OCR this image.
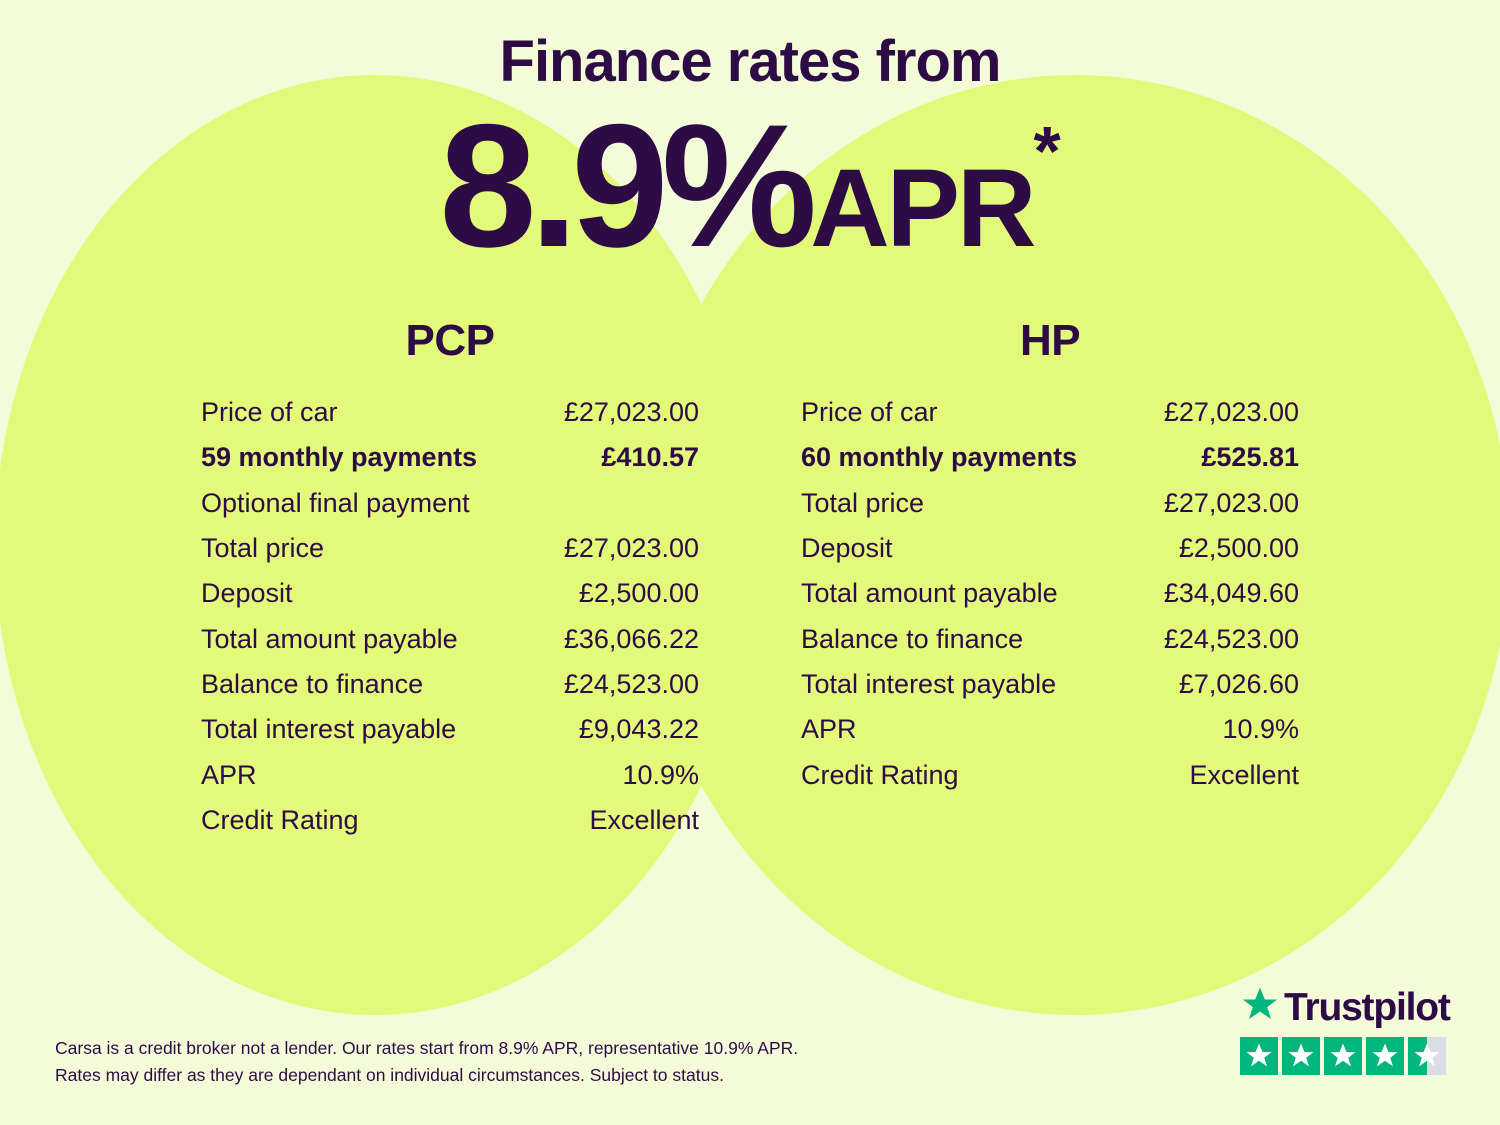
Finance rates from
8.9%APR*
PCP
Price of car	£27,023.00
59 monthly payments	£410.57
Optional final payment
Total price	£27,023.00
Deposit	£2,500.00
Total amount payable	£36,066.22
Balance to finance	£24,523.00
Total interest payable	£9,043.22
APR	10.9%
Credit Rating	Excellent
HP
Price of car	£27,023.00
60 monthly payments	£525.81
Total price	£27,023.00
Deposit	£2,500.00
Total amount payable	£34,049.60
Balance to finance	£24,523.00
Total interest payable	£7,026.60
APR	10.9%
Credit Rating	Excellent
Carsa is a credit broker not a lender. Our rates start from 8.9% APR, representative 10.9% APR.
Rates may differ as they are dependant on individual circumstances. Subject to status.
Trustpilot
